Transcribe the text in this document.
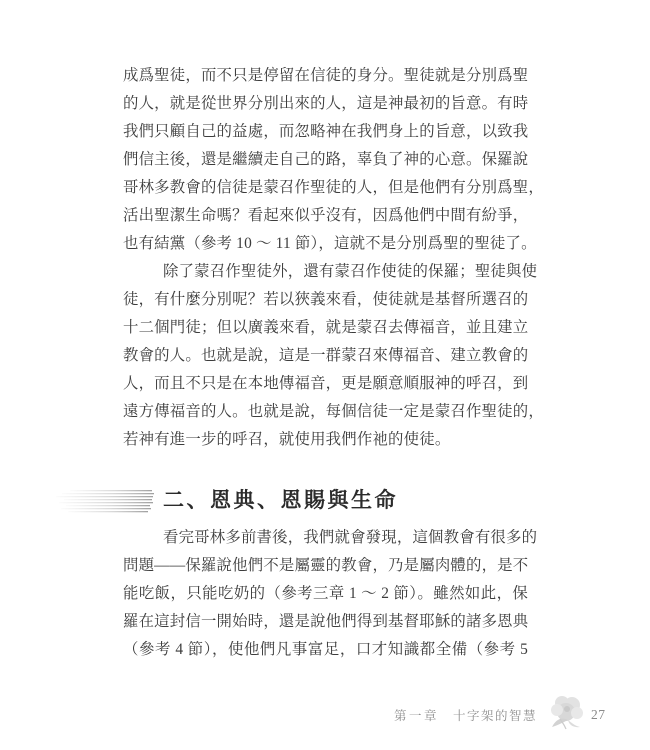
成爲聖徒，而不只是停留在信徒的身分。聖徒就是分別爲聖
的人，就是從世界分別出來的人，這是神最初的旨意。有時
我們只顧自己的益處，而忽略神在我們身上的旨意，以致我
們信主後，還是繼續走自己的路，辜負了神的心意。保羅說
哥林多教會的信徒是蒙召作聖徒的人，但是他們有分別爲聖，
活出聖潔生命嗎？看起來似乎沒有，因爲他們中間有紛爭，
也有結黨（參考 10 ～ 11 節），這就不是分別爲聖的聖徒了。
除了蒙召作聖徒外，還有蒙召作使徒的保羅；聖徒與使
徒，有什麼分別呢？若以狹義來看，使徒就是基督所選召的
十二個門徒；但以廣義來看，就是蒙召去傳福音，並且建立
教會的人。也就是說，這是一群蒙召來傳福音、建立教會的
人，而且不只是在本地傳福音，更是願意順服神的呼召，到
遠方傳福音的人。也就是說，每個信徒一定是蒙召作聖徒的，
若神有進一步的呼召，就使用我們作祂的使徒。
二、恩典、恩賜與生命
看完哥林多前書後，我們就會發現，這個教會有很多的
問題——保羅說他們不是屬靈的教會，乃是屬肉體的，是不
能吃飯，只能吃奶的（參考三章 1 ～ 2 節）。雖然如此，保
羅在這封信一開始時，還是說他們得到基督耶穌的諸多恩典
（參考 4 節），使他們凡事富足，口才知識都全備（參考 5
第一章 十字架的智慧	27
